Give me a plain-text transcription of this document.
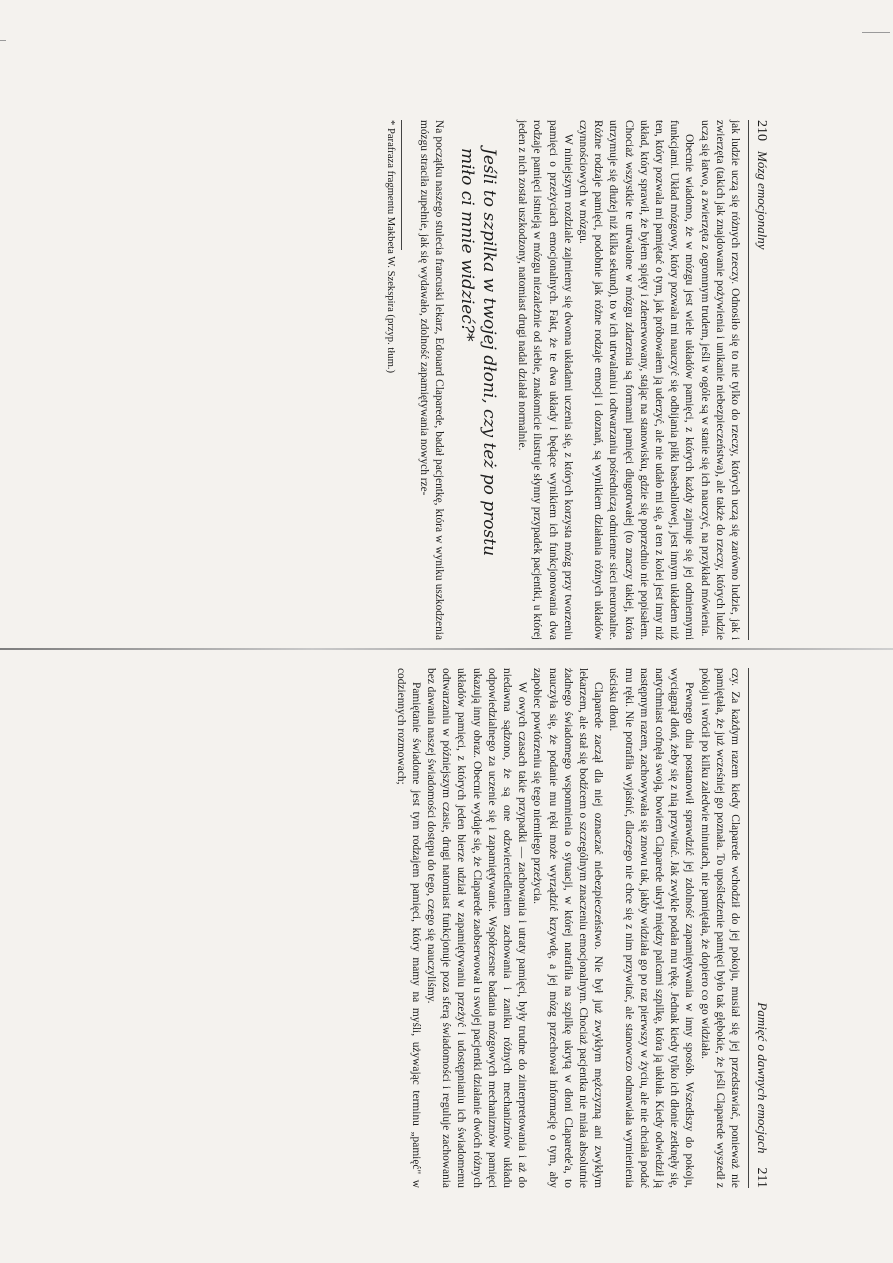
210
Mózg emocjonalny

jak ludzie uczą się różnych rzeczy. Odnosiło się to nie tylko do rzeczy, których uczą się zarówno ludzie, jak i zwierzęta (takich jak znajdowanie pożywienia i unikanie niebezpieczeństwa), ale także do rzeczy, których ludzie uczą się łatwo, a zwierzęta z ogromnym trudem, jeśli w ogóle są w stanie się ich nauczyć, na przykład mówienia.

Obecnie wiadomo, że w mózgu jest wiele układów pamięci, z których każdy zajmuje się jej odmiennymi funkcjami. Układ mózgowy, który pozwala mi nauczyć się odbijania piłki baseballowej, jest innym układem niż ten, który pozwala mi pamiętać o tym, jak próbowałem ją uderzyć, ale nie udało mi się, a ten z kolei jest inny niż układ, który sprawił, że byłem spięty i zdenerwowany, stając na stanowisku, gdzie się poprzednio nie popisałem. Chociaż wszystkie te utrwalone w mózgu zdarzenia są formami pamięci długotrwałej (to znaczy takiej, która utrzymuje się dłużej niż kilka sekund), to w ich utrwalaniu i odtwarzaniu pośredniczą odmienne sieci neuronalne. Różne rodzaje pamięci, podobnie jak różne rodzaje emocji i doznań, są wynikiem działania różnych układów czynnościowych w mózgu.

W niniejszym rozdziale zajmiemy się dwoma układami uczenia się, z których korzysta mózg przy tworzeniu pamięci o przeżyciach emocjonalnych. Fakt, że te dwa układy i będące wynikiem ich funkcjonowania dwa rodzaje pamięci istnieją w mózgu niezależnie od siebie, znakomicie ilustruje słynny przypadek pacjentki, u której jeden z nich został uszkodzony, natomiast drugi nadal działał normalnie.

Jeśli to szpilka w twojej dłoni, czy też po prostu
miło ci mnie widzieć?*

Na początku naszego stulecia francuski lekarz, Edouard Claparede, badał pacjentkę, która w wyniku uszkodzenia mózgu straciła zupełnie, jak się wydawało, zdolność zapamiętywania nowych rze-

* Parafraza fragmentu Makbeta W. Szekspira (przyp. tłum.)
Pamięć o dawnych emocjach
211

czy. Za każdym razem kiedy Claparede wchodził do jej pokoju, musiał się jej przedstawiać, ponieważ nie pamiętała, że już wcześniej go poznała. To upośledzenie pamięci było tak głębokie, że jeśli Claparede wyszedł z pokoju i wrócił po kilku zaledwie minutach, nie pamiętała, że dopiero co go widziała.

Pewnego dnia postanowił sprawdzić jej zdolność zapamiętywania w inny sposób. Wszedłszy do pokoju, wyciągnął dłoń, żeby się z nią przywitać. Jak zwykle podała mu rękę. Jednak kiedy tylko ich dłonie zetknęły się, natychmiast cofnęła swoją, bowiem Claparede ukrył między palcami szpilkę, która ją ukłuła. Kiedy odwiedził ją następnym razem, zachowywała się znowu tak, jakby widziała go po raz pierwszy w życiu, ale nie chciała podać mu ręki. Nie potrafiła wyjaśnić, dlaczego nie chce się z nim przywitać, ale stanowczo odmawiała wymienienia uścisku dłoni.

Claparede zaczął dla niej oznaczać niebezpieczeństwo. Nie był już zwykłym mężczyzną ani zwykłym lekarzem, ale stał się bodźcem o szczególnym znaczeniu emocjonalnym. Chociaż pacjentka nie miała absolutnie żadnego świadomego wspomnienia o sytuacji, w której natrafiła na szpilkę ukrytą w dłoni Claparede'a, to nauczyła się, że podanie mu ręki może wyrządzić krzywdę, a jej mózg przechował informację o tym, aby zapobiec powtórzeniu się tego niemiłego przeżycia.

W owych czasach takie przypadki — zachowania i utraty pamięci, były trudne do zinterpretowania i aż do niedawna sądzono, że są one odzwierciedleniem zachowania i zaniku różnych mechanizmów układu odpowiedzialnego za uczenie się i zapamiętywanie. Współczesne badania mózgowych mechanizmów pamięci ukazują inny obraz. Obecnie wydaje się, że Claparede zaobserwował u swojej pacjentki działanie dwóch różnych układów pamięci, z których jeden bierze udział w zapamiętywaniu przeżyć i udostępnianiu ich świadomemu odtwarzaniu w późniejszym czasie, drugi natomiast funkcjonuje poza sferą świadomości i reguluje zachowania bez dawania naszej świadomości dostępu do tego, czego się nauczyliśmy.

Pamiętanie świadome jest tym rodzajem pamięci, który mamy na myśli, używając terminu „pamięć" w codziennych rozmowach;
